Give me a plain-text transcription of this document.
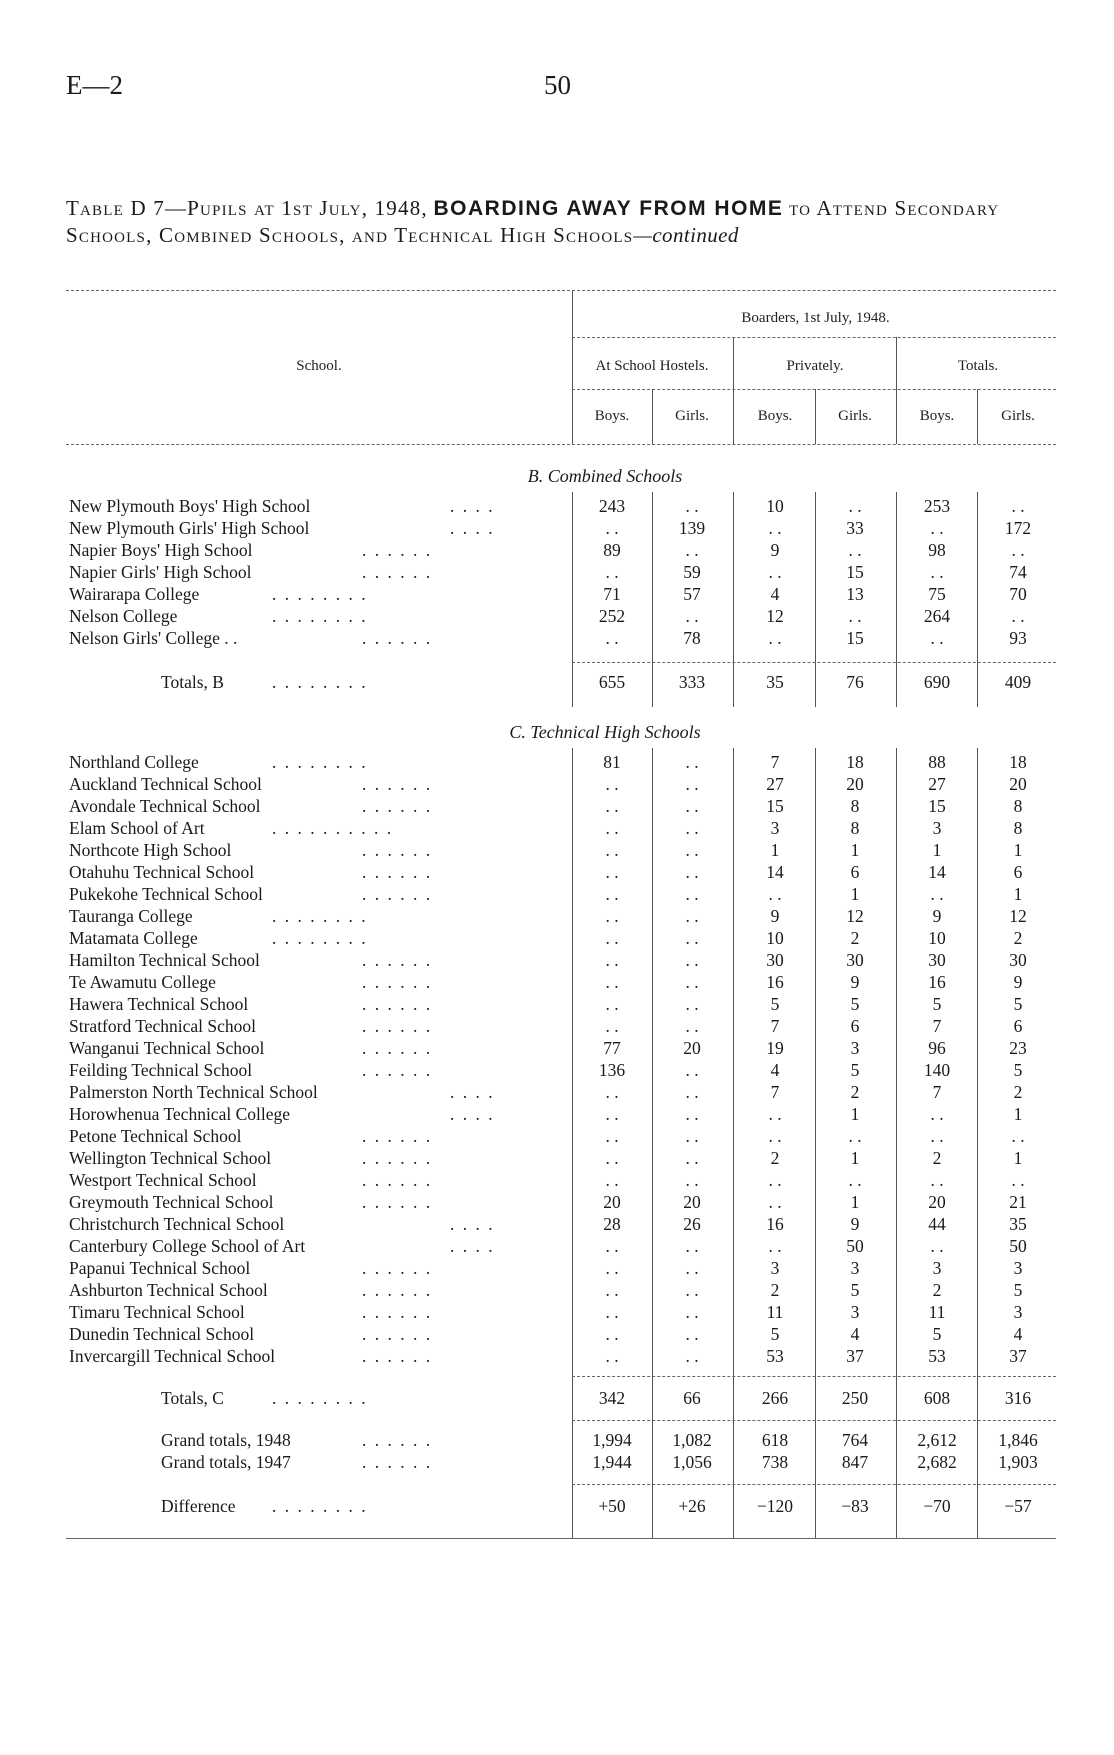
E—2	50
Table D 7—Pupils at 1st July, 1948, BOARDING AWAY FROM HOME to Attend Secondary Schools, Combined Schools, and Technical High Schools—continued
Boarders, 1st July, 1948.
School.	At School Hostels.	Privately.	Totals.
Boys.	Girls.	Boys.	Girls.	Boys.	Girls.
B. Combined Schools
New Plymouth Boys' High School	. . . .	243	. .	10	. .	253	. .
New Plymouth Girls' High School	. . . .	. .	139	. .	33	. .	172
Napier Boys' High School	. . . . . .	89	. .	9	. .	98	. .
Napier Girls' High School	. . . . . .	. .	59	. .	15	. .	74
Wairarapa College	. . . . . . . .	71	57	4	13	75	70
Nelson College	. . . . . . . .	252	. .	12	. .	264	. .
Nelson Girls' College . .	. . . . . .	. .	78	. .	15	. .	93
Totals, B	. . . . . . . .	655	333	35	76	690	409
C. Technical High Schools
Northland College	. . . . . . . .	81	. .	7	18	88	18
Auckland Technical School	. . . . . .	. .	. .	27	20	27	20
Avondale Technical School	. . . . . .	. .	. .	15	8	15	8
Elam School of Art	. . . . . . . . . .	. .	. .	3	8	3	8
Northcote High School	. . . . . .	. .	. .	1	1	1	1
Otahuhu Technical School	. . . . . .	. .	. .	14	6	14	6
Pukekohe Technical School	. . . . . .	. .	. .	. .	1	. .	1
Tauranga College	. . . . . . . .	. .	. .	9	12	9	12
Matamata College	. . . . . . . .	. .	. .	10	2	10	2
Hamilton Technical School	. . . . . .	. .	. .	30	30	30	30
Te Awamutu College	. . . . . .	. .	. .	16	9	16	9
Hawera Technical School	. . . . . .	. .	. .	5	5	5	5
Stratford Technical School	. . . . . .	. .	. .	7	6	7	6
Wanganui Technical School	. . . . . .	77	20	19	3	96	23
Feilding Technical School	. . . . . .	136	. .	4	5	140	5
Palmerston North Technical School	. . . .	. .	. .	7	2	7	2
Horowhenua Technical College	. . . .	. .	. .	. .	1	. .	1
Petone Technical School	. . . . . .	. .	. .	. .	. .	. .	. .
Wellington Technical School	. . . . . .	. .	. .	2	1	2	1
Westport Technical School	. . . . . .	. .	. .	. .	. .	. .	. .
Greymouth Technical School	. . . . . .	20	20	. .	1	20	21
Christchurch Technical School	. . . .	28	26	16	9	44	35
Canterbury College School of Art	. . . .	. .	. .	. .	50	. .	50
Papanui Technical School	. . . . . .	. .	. .	3	3	3	3
Ashburton Technical School	. . . . . .	. .	. .	2	5	2	5
Timaru Technical School	. . . . . .	. .	. .	11	3	11	3
Dunedin Technical School	. . . . . .	. .	. .	5	4	5	4
Invercargill Technical School	. . . . . .	. .	. .	53	37	53	37
Totals, C	. . . . . . . .	342	66	266	250	608	316
Grand totals, 1948	. . . . . .	1,994	1,082	618	764	2,612	1,846
Grand totals, 1947	. . . . . .	1,944	1,056	738	847	2,682	1,903
Difference . . . . . . . .	+50	+26	−120	−83	−70	−57
